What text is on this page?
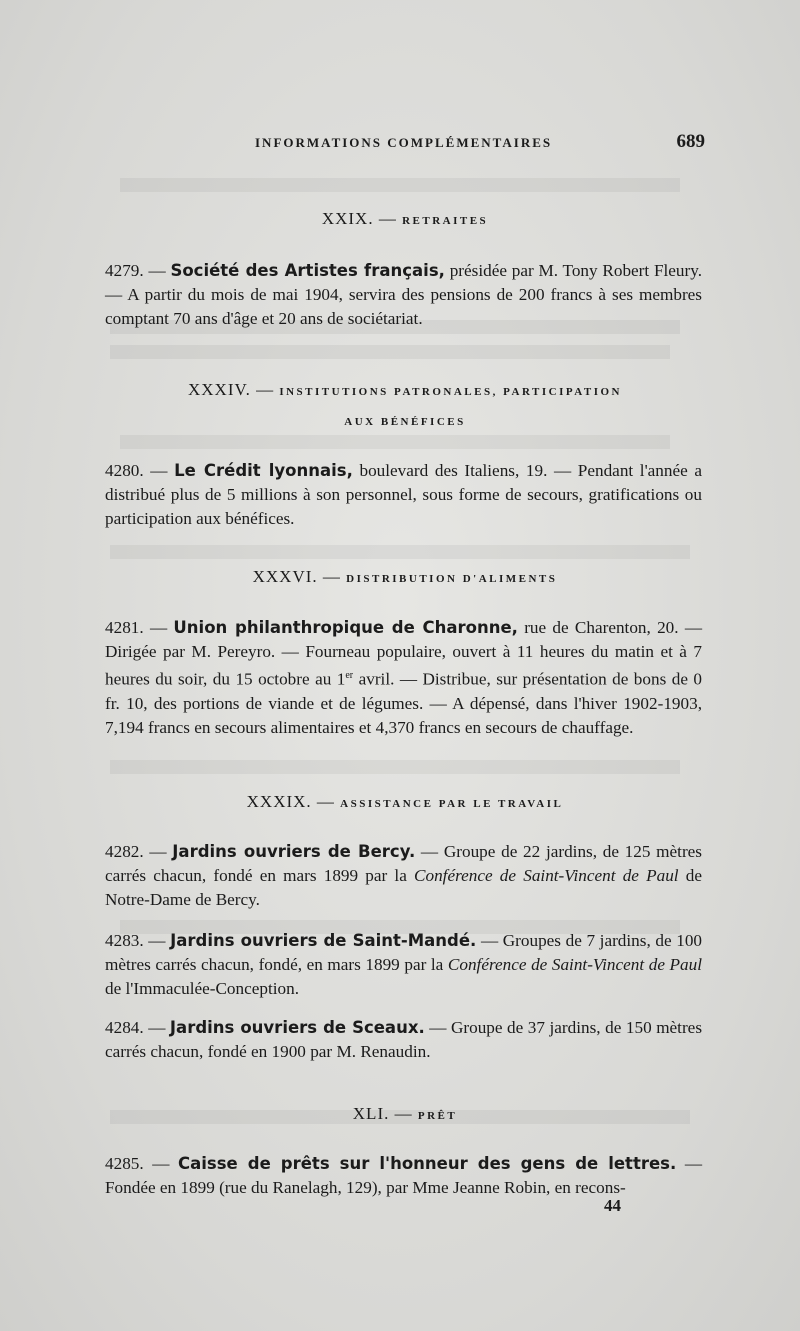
INFORMATIONS COMPLÉMENTAIRES	689
XXIX. — RETRAITES
4279. — Société des Artistes français, présidée par M. Tony Robert Fleury. — A partir du mois de mai 1904, servira des pensions de 200 francs à ses membres comptant 70 ans d'âge et 20 ans de sociétariat.
XXXIV. — INSTITUTIONS PATRONALES, PARTICIPATION
AUX BÉNÉFICES
4280. — Le Crédit lyonnais, boulevard des Italiens, 19. — Pendant l'année a distribué plus de 5 millions à son personnel, sous forme de secours, gratifications ou participation aux bénéfices.
XXXVI. — DISTRIBUTION D'ALIMENTS
4281. — Union philanthropique de Charonne, rue de Charenton, 20. — Dirigée par M. Pereyro. — Fourneau populaire, ouvert à 11 heures du matin et à 7 heures du soir, du 15 octobre au 1er avril. — Distribue, sur présentation de bons de 0 fr. 10, des portions de viande et de légumes. — A dépensé, dans l'hiver 1902-1903, 7,194 francs en secours alimentaires et 4,370 francs en secours de chauffage.
XXXIX. — ASSISTANCE PAR LE TRAVAIL
4282. — Jardins ouvriers de Bercy. — Groupe de 22 jardins, de 125 mètres carrés chacun, fondé en mars 1899 par la Conférence de Saint-Vincent de Paul de Notre-Dame de Bercy.
4283. — Jardins ouvriers de Saint-Mandé. — Groupes de 7 jardins, de 100 mètres carrés chacun, fondé, en mars 1899 par la Conférence de Saint-Vincent de Paul de l'Immaculée-Conception.
4284. — Jardins ouvriers de Sceaux. — Groupe de 37 jardins, de 150 mètres carrés chacun, fondé en 1900 par M. Renaudin.
XLI. — PRÊT
4285. — Caisse de prêts sur l'honneur des gens de lettres. — Fondée en 1899 (rue du Ranelagh, 129), par Mme Jeanne Robin, en recons-
44
